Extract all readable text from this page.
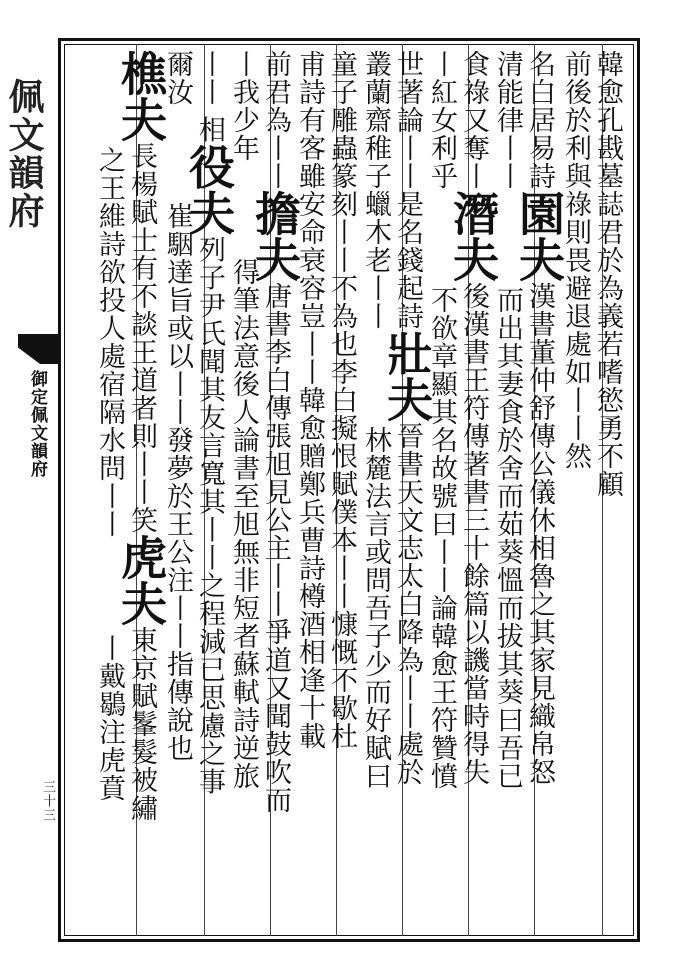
佩文韻府
御定佩文韻府
三十三
韓愈孔戡墓誌君於為義若嗜慾勇不顧
前後於利與祿則畏避退處如丨丨然
名白居易詩園夫漢書董仲舒傳公儀休相魯之其家見織帛怒
清能律丨丨而出其妻食於舍而茹葵慍而拔其葵曰吾已
食祿又奪丨潛夫後漢書王符傳著書三十餘篇以譏當時得失
丨紅女利乎不欲章顯其名故號曰丨丨論韓愈王符贊憤
世著論丨丨是名錢起詩壯夫晉書天文志太白降為丨丨處於
叢蘭齋稚子蠟木老丨丨林麓法言或問吾子少而好賦曰
童子雕蟲篆刻丨丨不為也李白擬恨賦僕本丨丨慷慨不歇杜
甫詩有客雖安命衰容豈丨丨韓愈贈鄭兵曹詩樽酒相逢十載
前君為丨丨擔夫唐書李白傳張旭見公主丨丨爭道又聞鼓吹而
丨我少年得筆法意後人論書至旭無非短者蘇軾詩逆旅
丨丨 相役夫列子尹氏聞其友言寬其丨丨之程減已思慮之事
爾汝崔駰達旨或以丨丨發夢於王公注丨丨指傳說也
樵夫長楊賦士有不談王道者則丨丨笑虎夫東京賦髼髮被繡
之王維詩欲投人處宿隔水問丨丨丨戴鶡注虎賁
